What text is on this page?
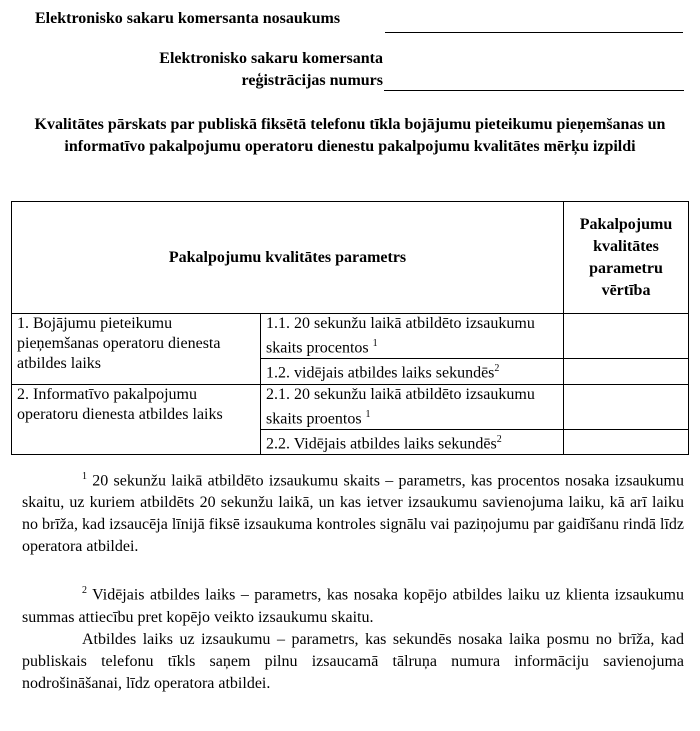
Elektronisko sakaru komersanta nosaukums
Elektronisko sakaru komersanta
reģistrācijas numurs
Kvalitātes pārskats par publiskā fiksētā telefonu tīkla bojājumu pieteikumu pieņemšanas un informatīvo pakalpojumu operatoru dienestu pakalpojumu kvalitātes mērķu izpildi
Pakalpojumu kvalitātes parametrs		Pakalpojumu kvalitātes parametru vērtība
1. Bojājumu pieteikumu pieņemšanas operatoru dienesta atbildes laiks	1.1. 20 sekunžu laikā atbildēto izsaukumu skaits procentos $^1$	
	1.2. vidējais atbildes laiks sekundēs$^2$	
2. Informatīvo pakalpojumu operatoru dienesta atbildes laiks	2.1. 20 sekunžu laikā atbildēto izsaukumu skaits proentos $^1$	
	2.2. Vidējais atbildes laiks sekundēs$^2$	

$^1$ 20 sekunžu laikā atbildēto izsaukumu skaits – parametrs, kas procentos nosaka izsaukumu skaitu, uz kuriem atbildēts 20 sekunžu laikā, un kas ietver izsaukumu savienojuma laiku, kā arī laiku no brīža, kad izsaucēja līnijā fiksē izsaukuma kontroles signālu vai paziņojumu par gaidīšanu rindā līdz operatora atbildei.

$^2$ Vidējais atbildes laiks – parametrs, kas nosaka kopējo atbildes laiku uz klienta izsaukumu summas attiecību pret kopējo veikto izsaukumu skaitu.

Atbildes laiks uz izsaukumu – parametrs, kas sekundēs nosaka laika posmu no brīža, kad publiskais telefonu tīkls saņem pilnu izsaucamā tālruņa numura informāciju savienojuma nodrošināšanai, līdz operatora atbildei.
